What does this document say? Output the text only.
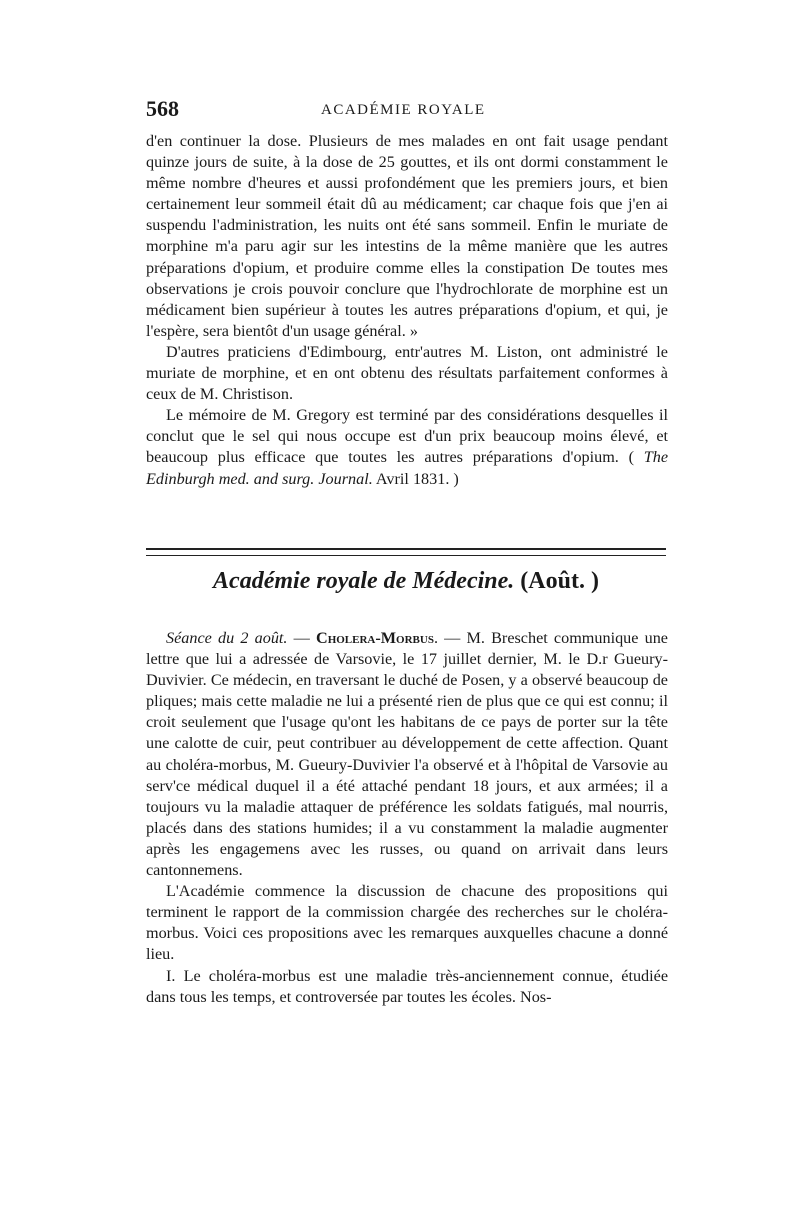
568	ACADÉMIE ROYALE

d'en continuer la dose. Plusieurs de mes malades en ont fait usage pendant quinze jours de suite, à la dose de 25 gouttes, et ils ont dormi constamment le même nombre d'heures et aussi profondément que les premiers jours, et bien certainement leur sommeil était dû au médicament; car chaque fois que j'en ai suspendu l'administration, les nuits ont été sans sommeil. Enfin le muriate de morphine m'a paru agir sur les intestins de la même manière que les autres préparations d'opium, et produire comme elles la constipation De toutes mes observations je crois pouvoir conclure que l'hydrochlorate de morphine est un médicament bien supérieur à toutes les autres préparations d'opium, et qui, je l'espère, sera bientôt d'un usage général. »

D'autres praticiens d'Edimbourg, entr'autres M. Liston, ont administré le muriate de morphine, et en ont obtenu des résultats parfaitement conformes à ceux de M. Christison.

Le mémoire de M. Gregory est terminé par des considérations desquelles il conclut que le sel qui nous occupe est d'un prix beaucoup moins élevé, et beaucoup plus efficace que toutes les autres préparations d'opium. ( The Edinburgh med. and surg. Journal. Avril 1831. )

Académie royale de Médecine. (Août. )

Séance du 2 août. — Cholera-Morbus. — M. Breschet communique une lettre que lui a adressée de Varsovie, le 17 juillet dernier, M. le D.r Gueury-Duvivier. Ce médecin, en traversant le duché de Posen, y a observé beaucoup de pliques; mais cette maladie ne lui a présenté rien de plus que ce qui est connu; il croit seulement que l'usage qu'ont les habitans de ce pays de porter sur la tête une calotte de cuir, peut contribuer au développement de cette affection. Quant au choléra-morbus, M. Gueury-Duvivier l'a observé et à l'hôpital de Varsovie au serv'ce médical duquel il a été attaché pendant 18 jours, et aux armées; il a toujours vu la maladie attaquer de préférence les soldats fatigués, mal nourris, placés dans des stations humides; il a vu constamment la maladie augmenter après les engagemens avec les russes, ou quand on arrivait dans leurs cantonnemens.

L'Académie commence la discussion de chacune des propositions qui terminent le rapport de la commission chargée des recherches sur le choléra-morbus. Voici ces propositions avec les remarques auxquelles chacune a donné lieu.

I. Le choléra-morbus est une maladie très-anciennement connue, étudiée dans tous les temps, et controversée par toutes les écoles. Nos-
